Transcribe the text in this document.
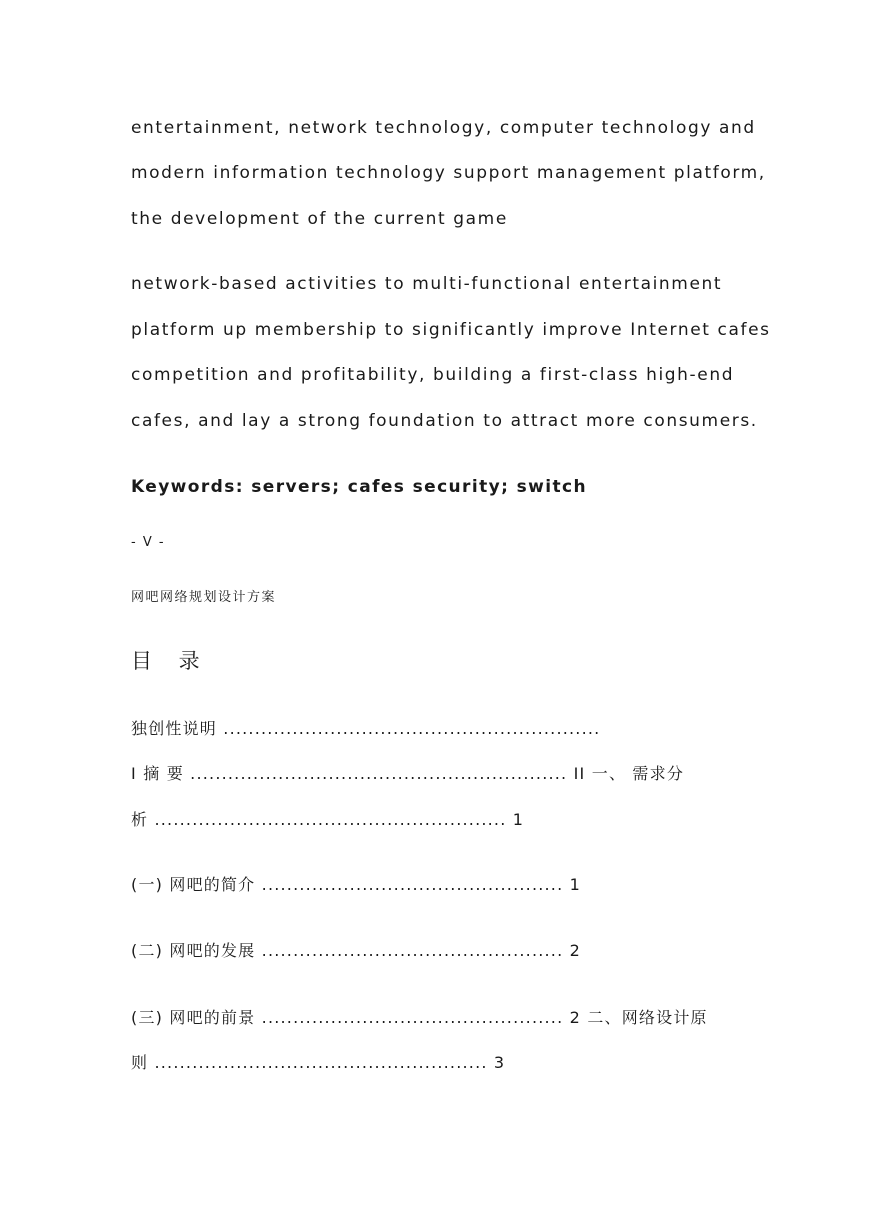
entertainment, network technology, computer technology and
modern information technology support management platform,
the development of the current game
network-based activities to multi-functional entertainment
platform up membership to significantly improve Internet cafes
competition and profitability, building a first-class high-end
cafes, and lay a strong foundation to attract more consumers.
Keywords: servers; cafes security; switch
- V -
网吧网络规划设计方案
目 录
独创性说明 ............................................................
I 摘 要 ............................................................ II 一、 需求分
析 ........................................................ 1
(一) 网吧的简介 ................................................ 1
(二) 网吧的发展 ................................................ 2
(三) 网吧的前景 ................................................ 2 二、网络设计原
则 ..................................................... 3
